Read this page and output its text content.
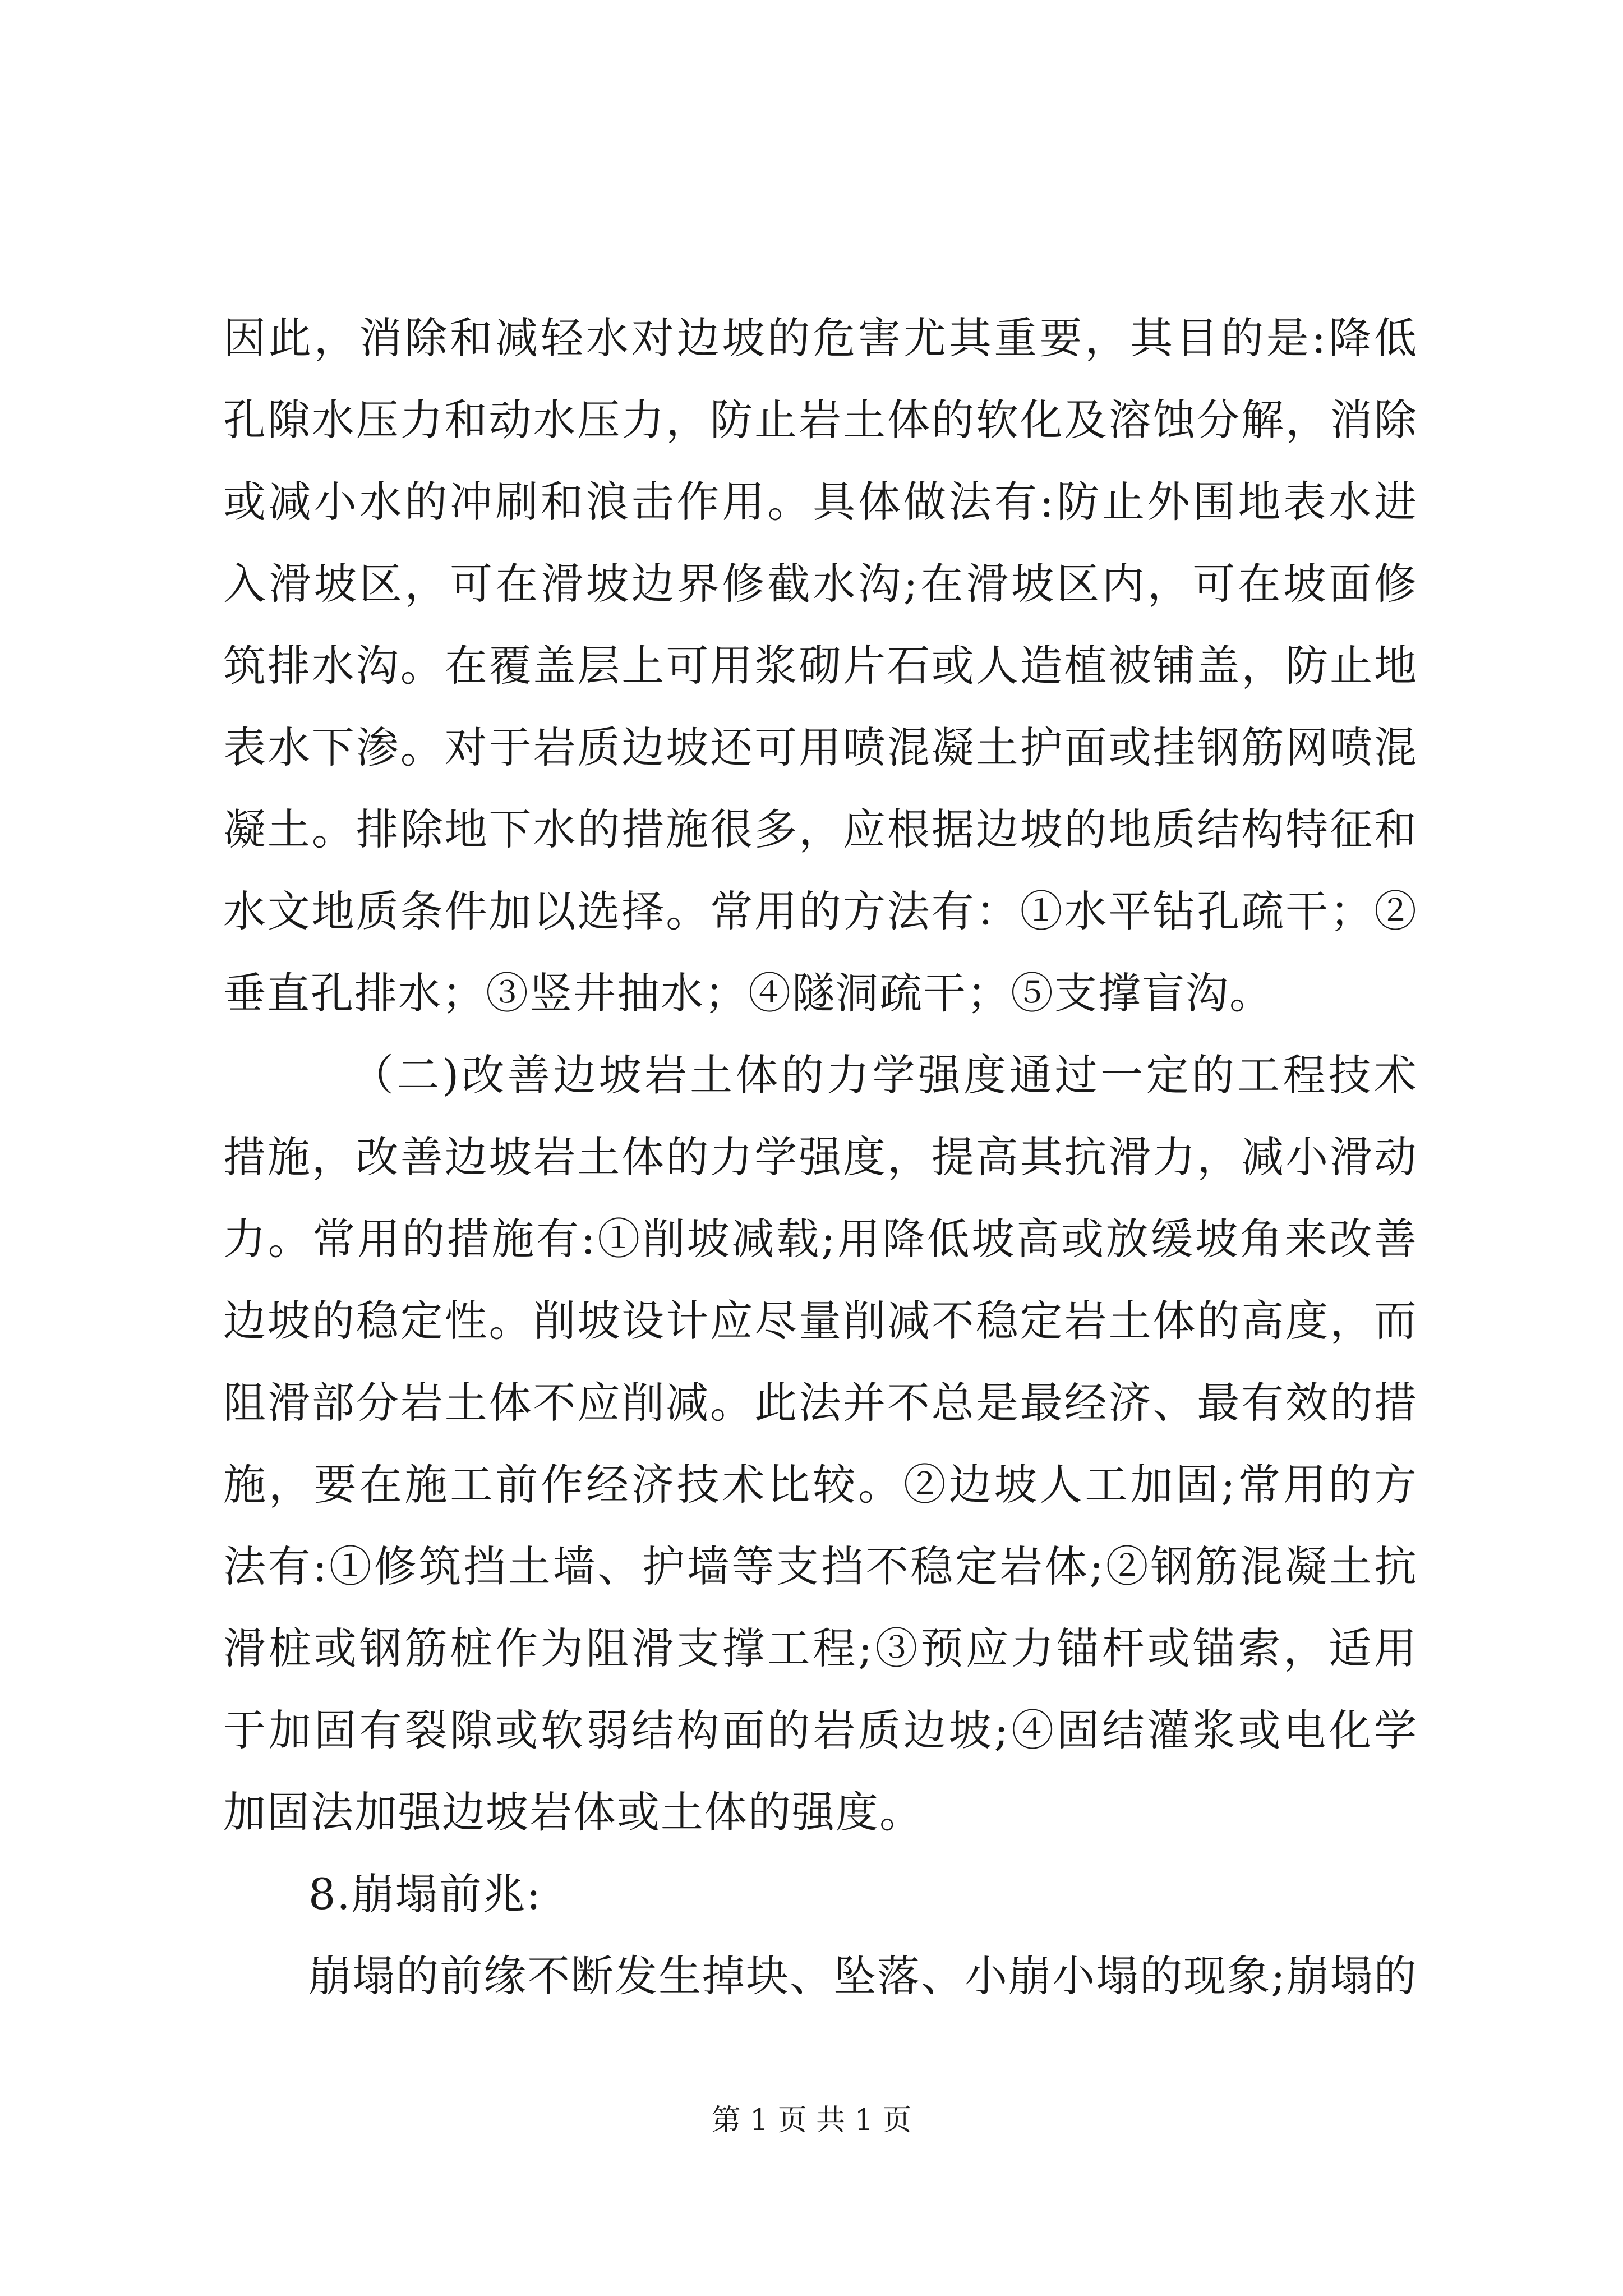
因此，消除和减轻水对边坡的危害尤其重要，其目的是:降低孔隙水压力和动水压力，防止岩土体的软化及溶蚀分解，消除或减小水的冲刷和浪击作用。具体做法有:防止外围地表水进入滑坡区，可在滑坡边界修截水沟;在滑坡区内，可在坡面修筑排水沟。在覆盖层上可用浆砌片石或人造植被铺盖，防止地表水下渗。对于岩质边坡还可用喷混凝土护面或挂钢筋网喷混凝土。排除地下水的措施很多，应根据边坡的地质结构特征和水文地质条件加以选择。常用的方法有：①水平钻孔疏干；②垂直孔排水；③竖井抽水；④隧洞疏干；⑤支撑盲沟。

（二)改善边坡岩土体的力学强度通过一定的工程技术措施，改善边坡岩土体的力学强度，提高其抗滑力，减小滑动力。常用的措施有:①削坡减载;用降低坡高或放缓坡角来改善边坡的稳定性。削坡设计应尽量削减不稳定岩土体的高度，而阻滑部分岩土体不应削减。此法并不总是最经济、最有效的措施，要在施工前作经济技术比较。②边坡人工加固;常用的方法有:①修筑挡土墙、护墙等支挡不稳定岩体;②钢筋混凝土抗滑桩或钢筋桩作为阻滑支撑工程;③预应力锚杆或锚索，适用于加固有裂隙或软弱结构面的岩质边坡;④固结灌浆或电化学加固法加强边坡岩体或土体的强度。

8.崩塌前兆:

崩塌的前缘不断发生掉块、坠落、小崩小塌的现象;崩塌的

第 1 页 共 1 页
